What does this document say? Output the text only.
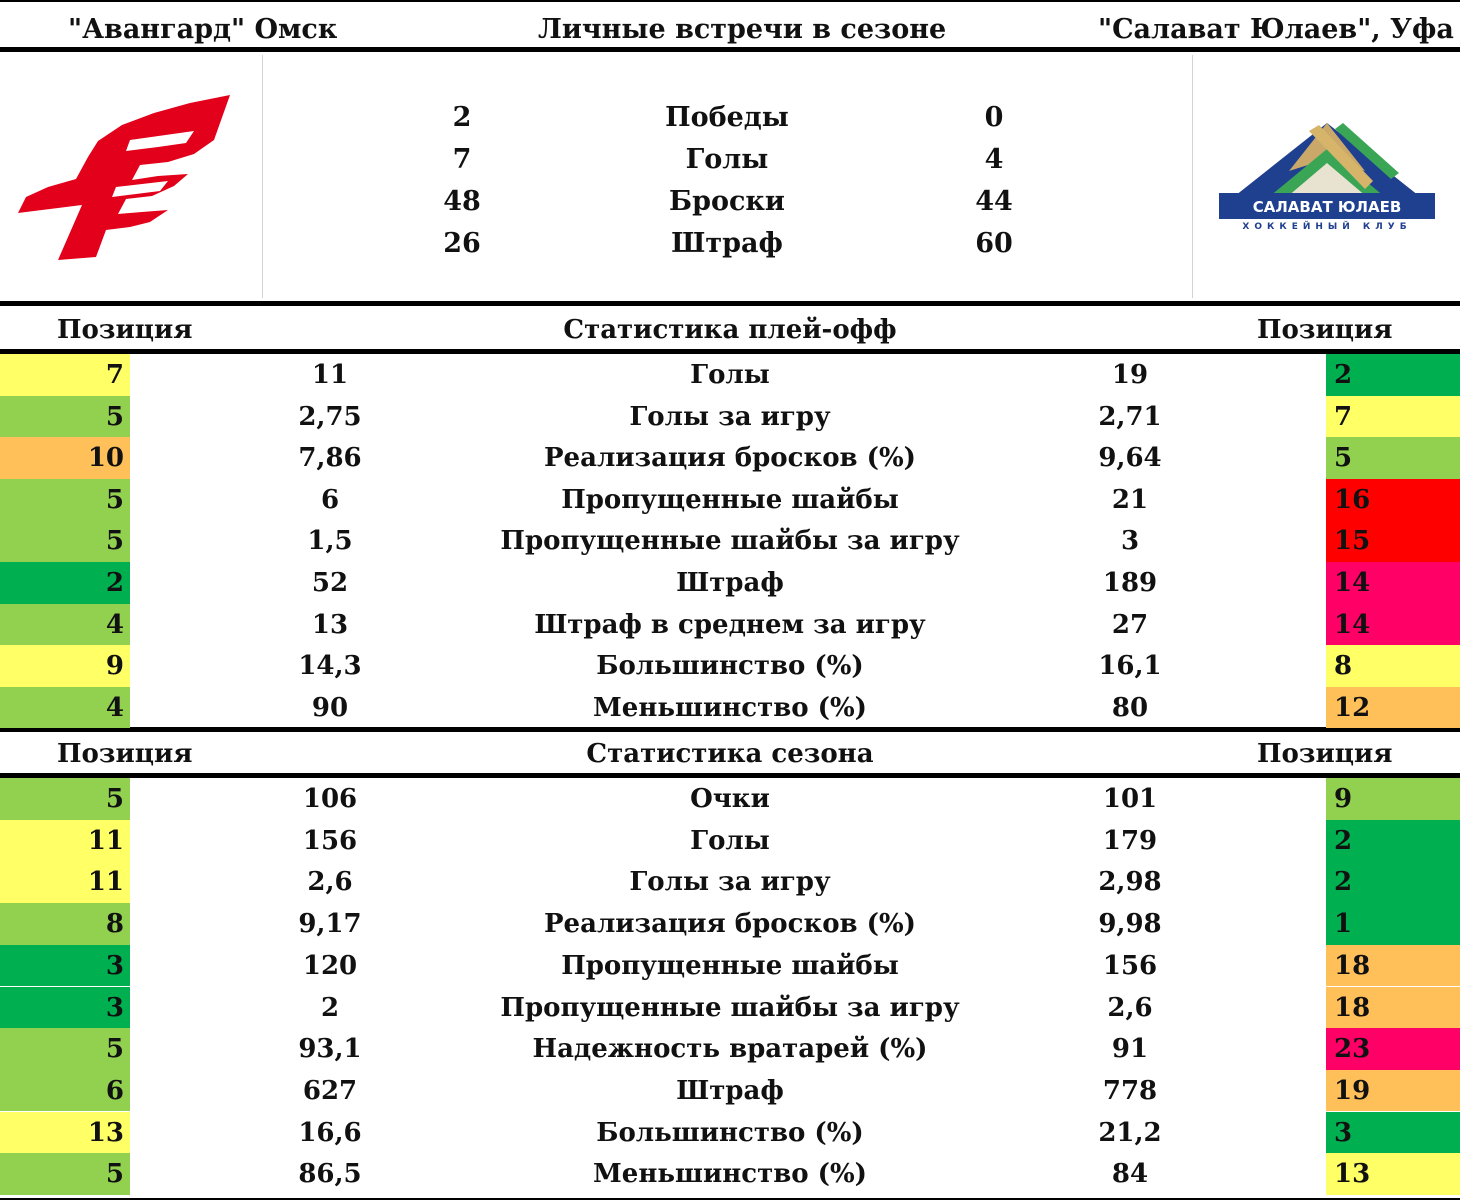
"Авангард" Омск	Личные встречи в сезоне	"Салават Юлаев", Уфа
САЛАВАТ ЮЛАЕВ
ХОККЕЙНЫЙ КЛУБ
2	Победы	0
7	Голы	4
48	Броски	44
26	Штраф	60
Позиция	Статистика плей-офф	Позиция
7	11	Голы	19	2
5	2,75	Голы за игру	2,71	7
10	7,86	Реализация бросков (%)	9,64	5
5	6	Пропущенные шайбы	21	16
5	1,5	Пропущенные шайбы за игру	3	15
2	52	Штраф	189	14
4	13	Штраф в среднем за игру	27	14
9	14,3	Большинство (%)	16,1	8
4	90	Меньшинство (%)	80	12
Позиция	Статистика сезона	Позиция
5	106	Очки	101	9
11	156	Голы	179	2
11	2,6	Голы за игру	2,98	2
8	9,17	Реализация бросков (%)	9,98	1
3	120	Пропущенные шайбы	156	18
3	2	Пропущенные шайбы за игру	2,6	18
5	93,1	Надежность вратарей (%)	91	23
6	627	Штраф	778	19
13	16,6	Большинство (%)	21,2	3
5	86,5	Меньшинство (%)	84	13
